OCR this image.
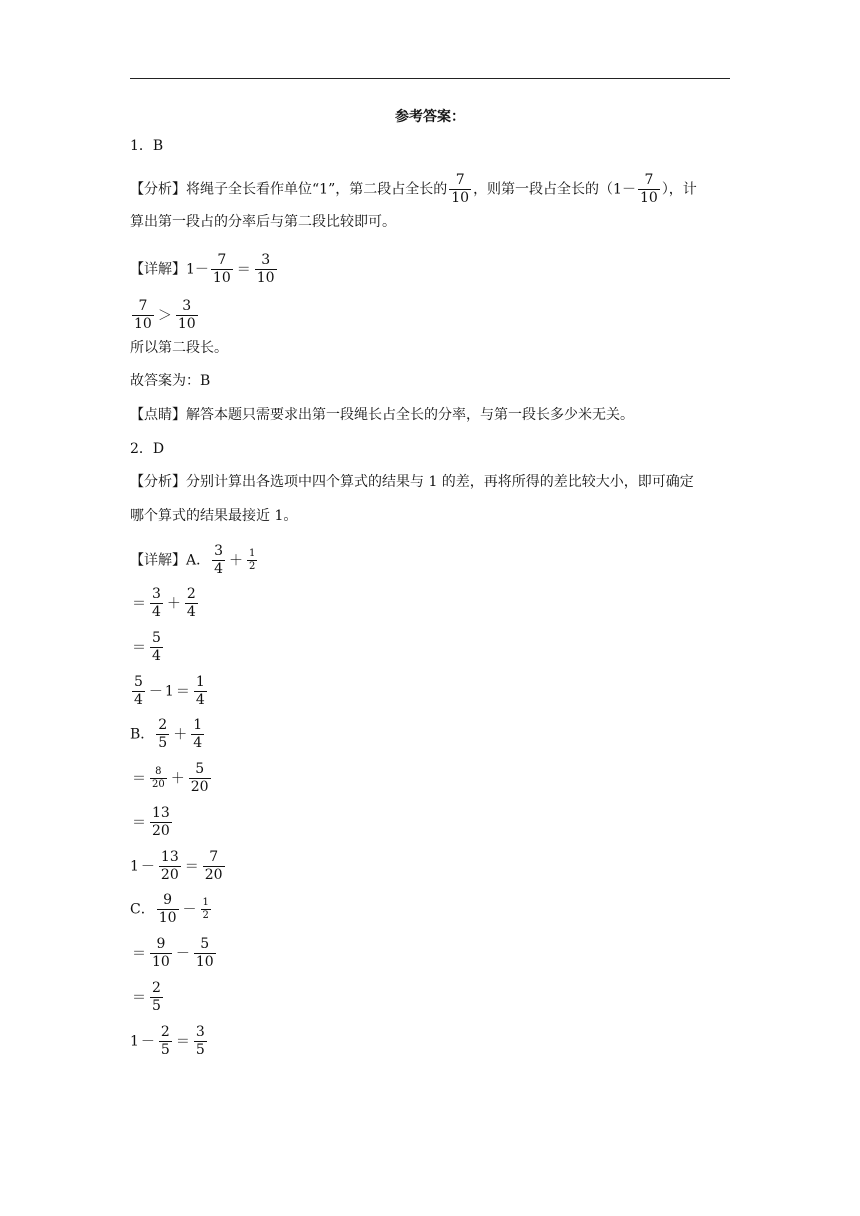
参考答案：
1．B
【分析】将绳子全长看作单位“1”，第二段占全长的 $\frac{7}{10}$ ，则第一段占全长的（$1- \frac{7}{10}$ ），计
算出第一段占的分率后与第二段比较即可。
【详解】$1- \frac{7}{10} = \frac{3}{10}$
$\frac{7}{10} > \frac{3}{10}$
所以第二段长。
故答案为：B
【点睛】解答本题只需要求出第一段绳长占全长的分率，与第一段长多少米无关。
2．D
【分析】分别计算出各选项中四个算式的结果与 1 的差，再将所得的差比较大小，即可确定
哪个算式的结果最接近 1。
【详解】A． $\frac{3}{4} + \frac{1}{2}$
＝ $\frac{3}{4} + \frac{2}{4}$
＝ $\frac{5}{4}$
$\frac{5}{4} - 1 = \frac{1}{4}$
B． $\frac{2}{5} + \frac{1}{4}$
＝ $\frac{8}{20} + \frac{5}{20}$
＝ $\frac{13}{20}$
$1 - \frac{13}{20} = \frac{7}{20}$
C． $\frac{9}{10} - \frac{1}{2}$
＝ $\frac{9}{10} - \frac{5}{10}$
＝ $\frac{2}{5}$
$1 - \frac{2}{5} = \frac{3}{5}$
